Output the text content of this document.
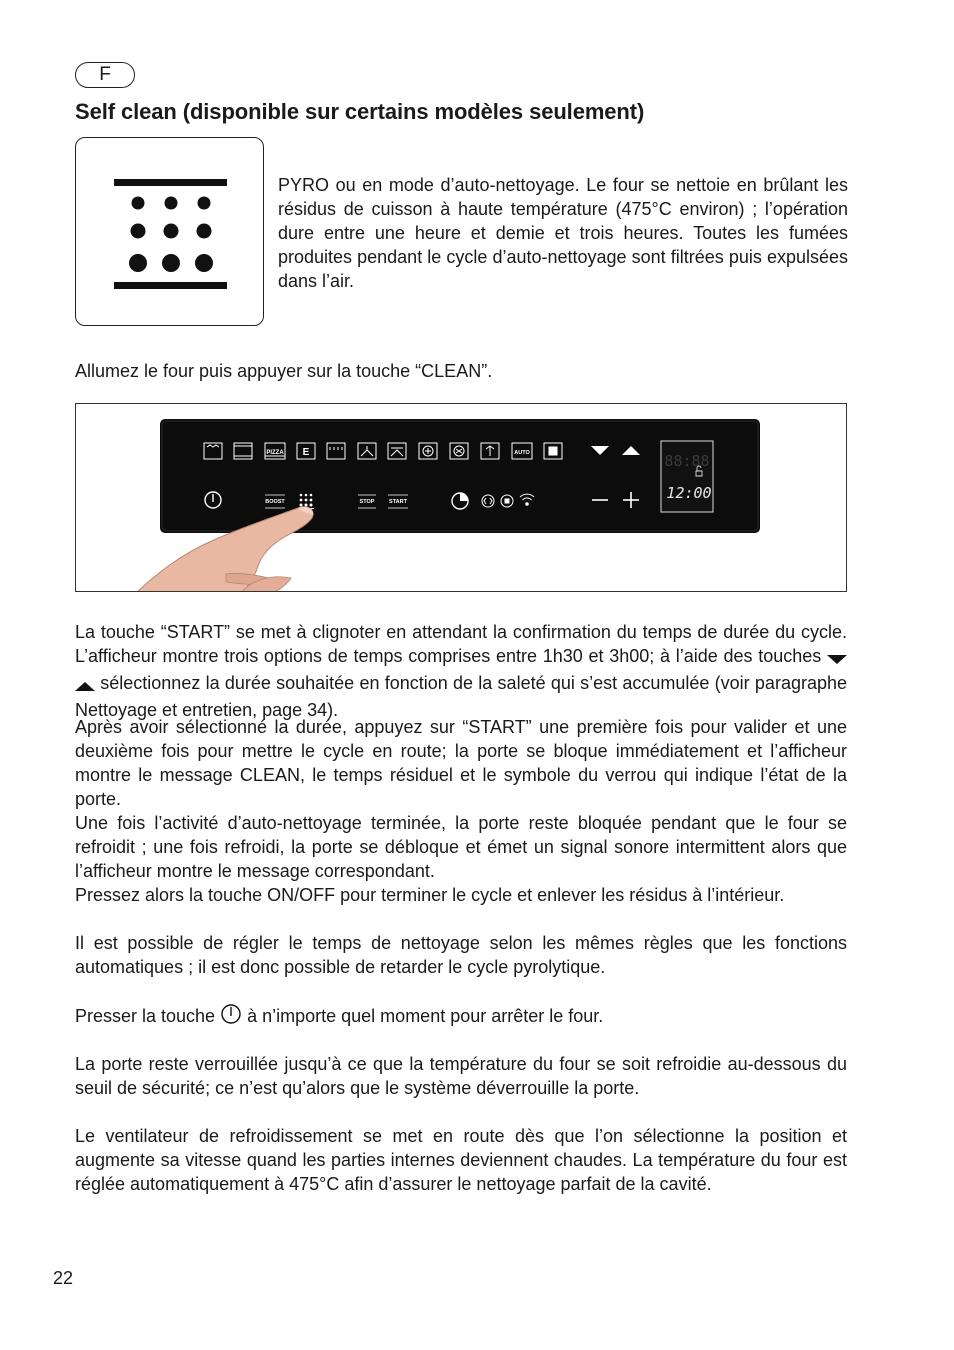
F
Self clean (disponible sur certains modèles seulement)

PYRO ou en mode d’auto-nettoyage. Le four se nettoie en brûlant les résidus de cuisson à haute température (475°C environ) ; l’opération dure entre une heure et demie et trois heures. Toutes les fumées produites pendant le cycle d’auto-nettoyage sont filtrées puis expulsées dans l’air.

Allumez le four puis appuyer sur la touche “CLEAN”.

PIZZA E	AUTO	88:88
12:00
BOOST	STOP	START

La touche “START” se met à clignoter en attendant la confirmation du temps de durée du cycle. L’afficheur montre trois options de temps comprises entre 1h30 et 3h00; à l’aide des touches   sélectionnez la durée souhaitée en fonction de la saleté qui s’est accumulée (voir paragraphe Nettoyage et entretien, page 34).

Après avoir sélectionné la durée, appuyez sur “START” une première fois pour valider et une deuxième fois pour mettre le cycle en route; la porte se bloque immédiatement et l’afficheur montre le message CLEAN, le temps résiduel et le symbole du verrou qui indique l’état de la porte.

Une fois l’activité d’auto-nettoyage terminée, la porte reste bloquée pendant que le four se refroidit ; une fois refroidi, la porte se débloque et émet un signal sonore intermittent alors que l’afficheur montre le message correspondant.

Pressez alors la touche ON/OFF pour terminer le cycle et enlever les résidus à l’intérieur.

Il est possible de régler le temps de nettoyage selon les mêmes règles que les fonctions automatiques ; il est donc possible de retarder le cycle pyrolytique.

Presser la touche à n’importe quel moment pour arrêter le four.

La porte reste verrouillée jusqu’à ce que la température du four se soit refroidie au-dessous du seuil de sécurité; ce n’est qu’alors que le système déverrouille la porte.

Le ventilateur de refroidissement se met en route dès que l’on sélectionne la position et augmente sa vitesse quand les parties internes deviennent chaudes. La température du four est réglée automatiquement à 475°C afin d’assurer le nettoyage parfait de la cavité.

22
